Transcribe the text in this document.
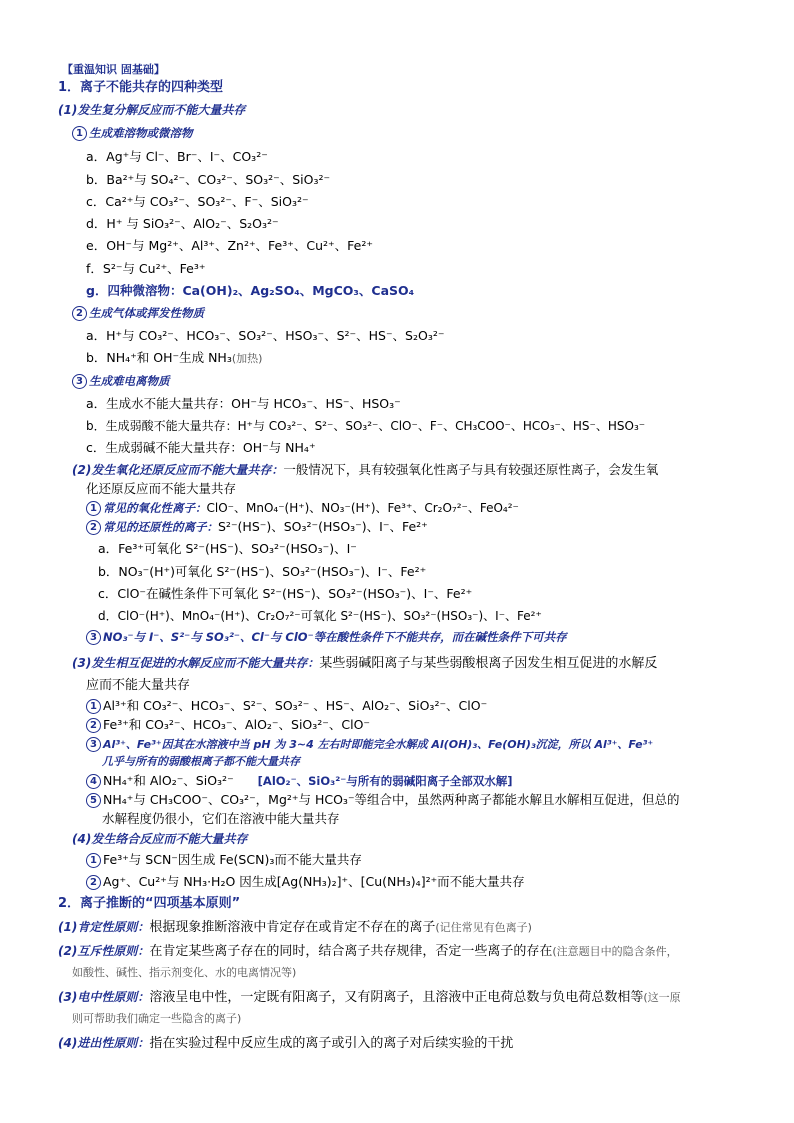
【重温知识 固基础】
1．离子不能共存的四种类型
(1)发生复分解反应而不能大量共存
1 生成难溶物或微溶物
a．Ag⁺与 Cl⁻、Br⁻、I⁻、CO₃²⁻
b．Ba²⁺与 SO₄²⁻、CO₃²⁻、SO₃²⁻、SiO₃²⁻
c．Ca²⁺与 CO₃²⁻、SO₃²⁻、F⁻、SiO₃²⁻
d．H⁺ 与 SiO₃²⁻、AlO₂⁻、S₂O₃²⁻
e．OH⁻与 Mg²⁺、Al³⁺、Zn²⁺、Fe³⁺、Cu²⁺、Fe²⁺
f．S²⁻与 Cu²⁺、Fe³⁺
g．四种微溶物：Ca(OH)₂、Ag₂SO₄、MgCO₃、CaSO₄
2 生成气体或挥发性物质
a．H⁺与 CO₃²⁻、HCO₃⁻、SO₃²⁻、HSO₃⁻、S²⁻、HS⁻、S₂O₃²⁻
b．NH₄⁺和 OH⁻生成 NH₃(加热)
3 生成难电离物质
a．生成水不能大量共存：OH⁻与 HCO₃⁻、HS⁻、HSO₃⁻
b．生成弱酸不能大量共存：H⁺与 CO₃²⁻、S²⁻、SO₃²⁻、ClO⁻、F⁻、CH₃COO⁻、HCO₃⁻、HS⁻、HSO₃⁻
c．生成弱碱不能大量共存：OH⁻与 NH₄⁺
(2)发生氧化还原反应而不能大量共存：一般情况下，具有较强氧化性离子与具有较强还原性离子，会发生氧
化还原反应而不能大量共存
1 常见的氧化性离子：ClO⁻、MnO₄⁻(H⁺)、NO₃⁻(H⁺)、Fe³⁺、Cr₂O₇²⁻、FeO₄²⁻
2 常见的还原性的离子：S²⁻(HS⁻)、SO₃²⁻(HSO₃⁻)、I⁻、Fe²⁺
a．Fe³⁺可氧化 S²⁻(HS⁻)、SO₃²⁻(HSO₃⁻)、I⁻
b．NO₃⁻(H⁺)可氧化 S²⁻(HS⁻)、SO₃²⁻(HSO₃⁻)、I⁻、Fe²⁺
c．ClO⁻在碱性条件下可氧化 S²⁻(HS⁻)、SO₃²⁻(HSO₃⁻)、I⁻、Fe²⁺
d．ClO⁻(H⁺)、MnO₄⁻(H⁺)、Cr₂O₇²⁻可氧化 S²⁻(HS⁻)、SO₃²⁻(HSO₃⁻)、I⁻、Fe²⁺
3 NO₃⁻与 I⁻、S²⁻与 SO₃²⁻、Cl⁻与 ClO⁻等在酸性条件下不能共存，而在碱性条件下可共存
(3)发生相互促进的水解反应而不能大量共存：某些弱碱阳离子与某些弱酸根离子因发生相互促进的水解反
应而不能大量共存
1 Al³⁺和 CO₃²⁻、HCO₃⁻、S²⁻、SO₃²⁻ 、HS⁻、AlO₂⁻、SiO₃²⁻、ClO⁻
2 Fe³⁺和 CO₃²⁻、HCO₃⁻、AlO₂⁻、SiO₃²⁻、ClO⁻
3 Al³⁺、Fe³⁺因其在水溶液中当 pH 为 3~4 左右时即能完全水解成 Al(OH)₃、Fe(OH)₃沉淀，所以 Al³⁺、Fe³⁺
几乎与所有的弱酸根离子都不能大量共存
4 NH₄⁺和 AlO₂⁻、SiO₃²⁻ [AlO₂⁻、SiO₃²⁻与所有的弱碱阳离子全部双水解]
5 NH₄⁺与 CH₃COO⁻、CO₃²⁻，Mg²⁺与 HCO₃⁻等组合中，虽然两种离子都能水解且水解相互促进，但总的
水解程度仍很小，它们在溶液中能大量共存
(4)发生络合反应而不能大量共存
1 Fe³⁺与 SCN⁻因生成 Fe(SCN)₃而不能大量共存
2 Ag⁺、Cu²⁺与 NH₃·H₂O 因生成[Ag(NH₃)₂]⁺、[Cu(NH₃)₄]²⁺而不能大量共存
2．离子推断的“四项基本原则”
(1)肯定性原则：根据现象推断溶液中肯定存在或肯定不存在的离子(记住常见有色离子)
(2)互斥性原则：在肯定某些离子存在的同时，结合离子共存规律，否定一些离子的存在(注意题目中的隐含条件，
如酸性、碱性、指示剂变化、水的电离情况等)
(3)电中性原则：溶液呈电中性，一定既有阳离子，又有阴离子，且溶液中正电荷总数与负电荷总数相等(这一原
则可帮助我们确定一些隐含的离子)
(4)进出性原则：指在实验过程中反应生成的离子或引入的离子对后续实验的干扰
